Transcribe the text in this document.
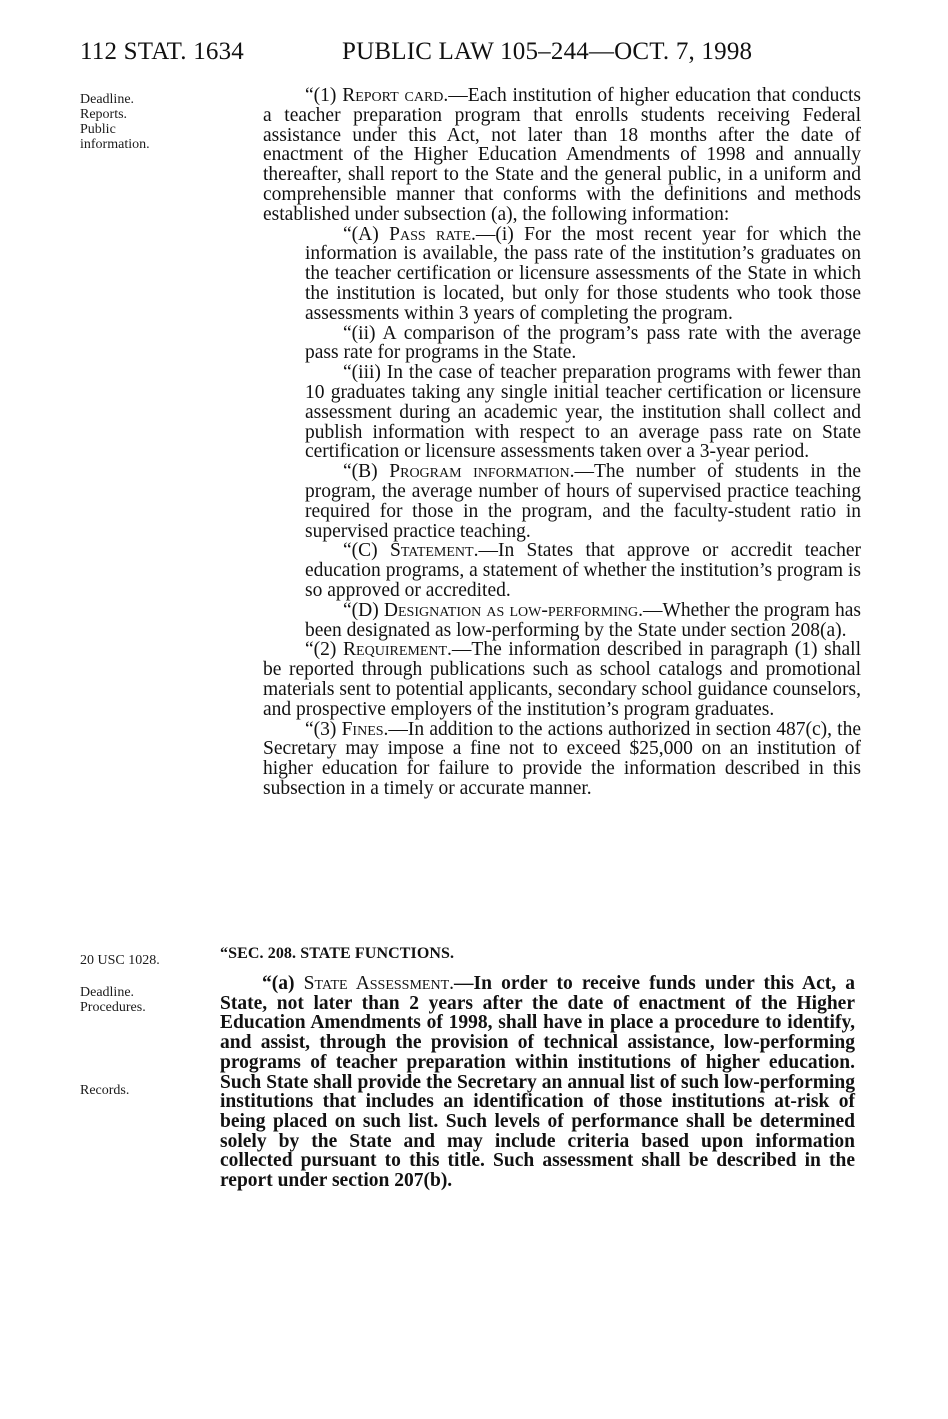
112 STAT. 1634	PUBLIC LAW 105–244—OCT. 7, 1998
Deadline.
Reports.
Public
information.

“(1) Report card.—Each institution of higher education that conducts a teacher preparation program that enrolls students receiving Federal assistance under this Act, not later than 18 months after the date of enactment of the Higher Education Amendments of 1998 and annually thereafter, shall report to the State and the general public, in a uniform and comprehensible manner that conforms with the definitions and methods established under subsection (a), the following information:

“(A) Pass rate.—(i) For the most recent year for which the information is available, the pass rate of the institution’s graduates on the teacher certification or licensure assessments of the State in which the institution is located, but only for those students who took those assessments within 3 years of completing the program.

“(ii) A comparison of the program’s pass rate with the average pass rate for programs in the State.

“(iii) In the case of teacher preparation programs with fewer than 10 graduates taking any single initial teacher certification or licensure assessment during an academic year, the institution shall collect and publish information with respect to an average pass rate on State certification or licensure assessments taken over a 3-year period.

“(B) Program information.—The number of students in the program, the average number of hours of supervised practice teaching required for those in the program, and the faculty-student ratio in supervised practice teaching.

“(C) Statement.—In States that approve or accredit teacher education programs, a statement of whether the institution’s program is so approved or accredited.

“(D) Designation as low-performing.—Whether the program has been designated as low-performing by the State under section 208(a).

“(2) Requirement.—The information described in paragraph (1) shall be reported through publications such as school catalogs and promotional materials sent to potential applicants, secondary school guidance counselors, and prospective employers of the institution’s program graduates.

“(3) Fines.—In addition to the actions authorized in section 487(c), the Secretary may impose a fine not to exceed $25,000 on an institution of higher education for failure to provide the information described in this subsection in a timely or accurate manner.

20 USC 1028.
Deadline.
Procedures.
Records.
“SEC. 208. STATE FUNCTIONS.

“(a) State Assessment.—In order to receive funds under this Act, a State, not later than 2 years after the date of enactment of the Higher Education Amendments of 1998, shall have in place a procedure to identify, and assist, through the provision of technical assistance, low-performing programs of teacher preparation within institutions of higher education. Such State shall provide the Secretary an annual list of such low-performing institutions that includes an identification of those institutions at-risk of being placed on such list. Such levels of performance shall be determined solely by the State and may include criteria based upon information collected pursuant to this title. Such assessment shall be described in the report under section 207(b).
